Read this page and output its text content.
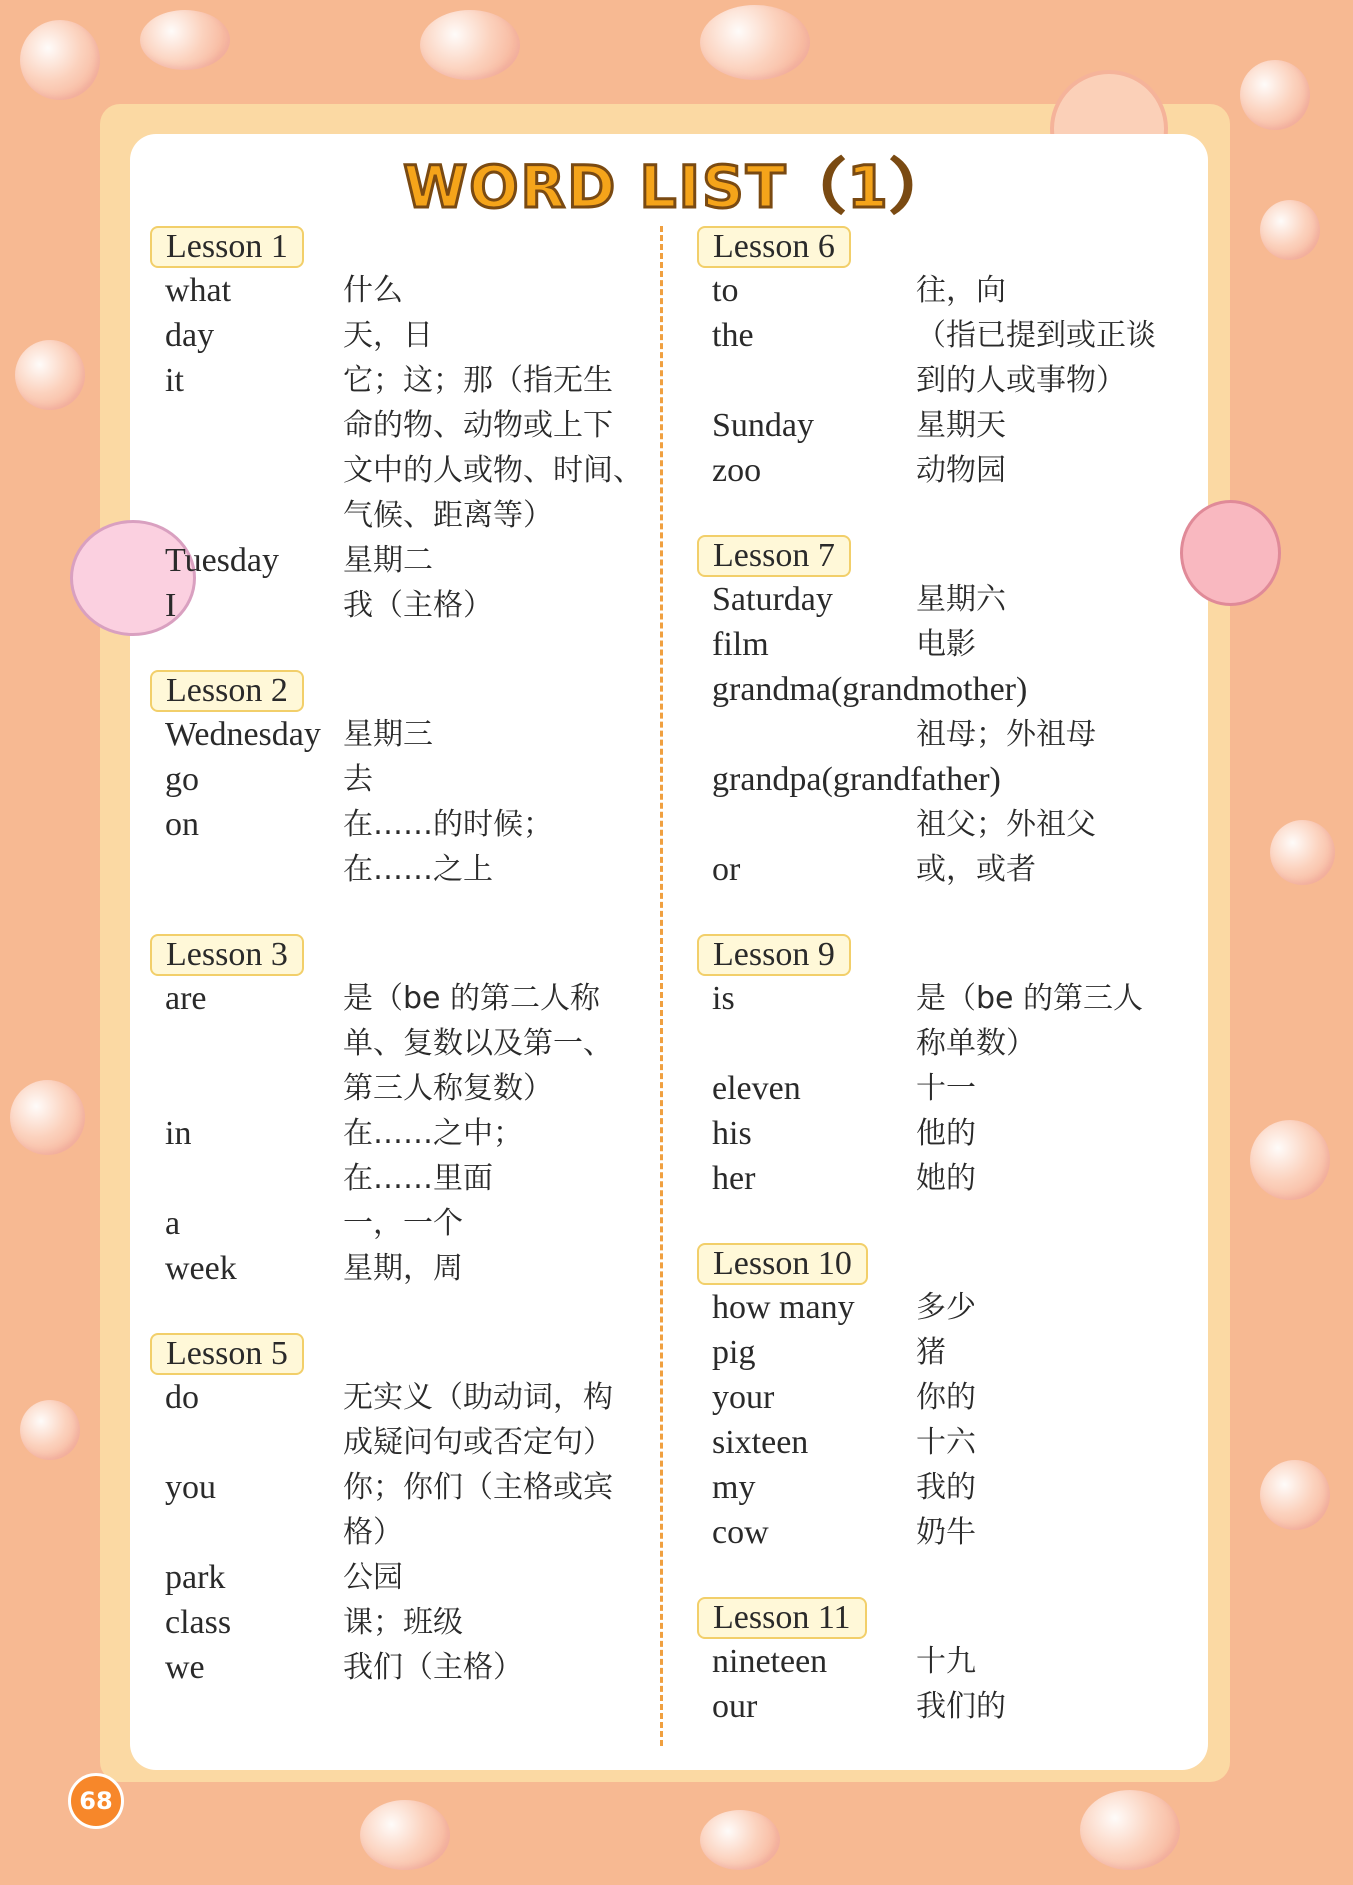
WORD LIST（1）
Lesson 1
what	什么
day	天，日
it	它；这；那（指无生
命的物、动物或上下
文中的人或物、时间、
气候、距离等）
Tuesday	星期二
I	我（主格）
Lesson 2
Wednesday 星期三
go	去
on	在……的时候；
在……之上
Lesson 3
are	是（be 的第二人称
单、复数以及第一、
第三人称复数）
in	在……之中；
在……里面
a	一，一个
week	星期，周
Lesson 5
do	无实义（助动词，构
成疑问句或否定句）
you	你；你们（主格或宾
格）
park	公园
class	课；班级
we	我们（主格）
Lesson 6
to	往，向
the	（指已提到或正谈
到的人或事物）
Sunday	星期天
zoo	动物园
Lesson 7
Saturday	星期六
film	电影
grandma(grandmother)
祖母；外祖母
grandpa(grandfather)
祖父；外祖父
or	或，或者
Lesson 9
is	是（be 的第三人
称单数）
eleven	十一
his	他的
her	她的
Lesson 10
how many	多少
pig	猪
your	你的
sixteen	十六
my	我的
cow	奶牛
Lesson 11
nineteen	十九
our	我们的
68
